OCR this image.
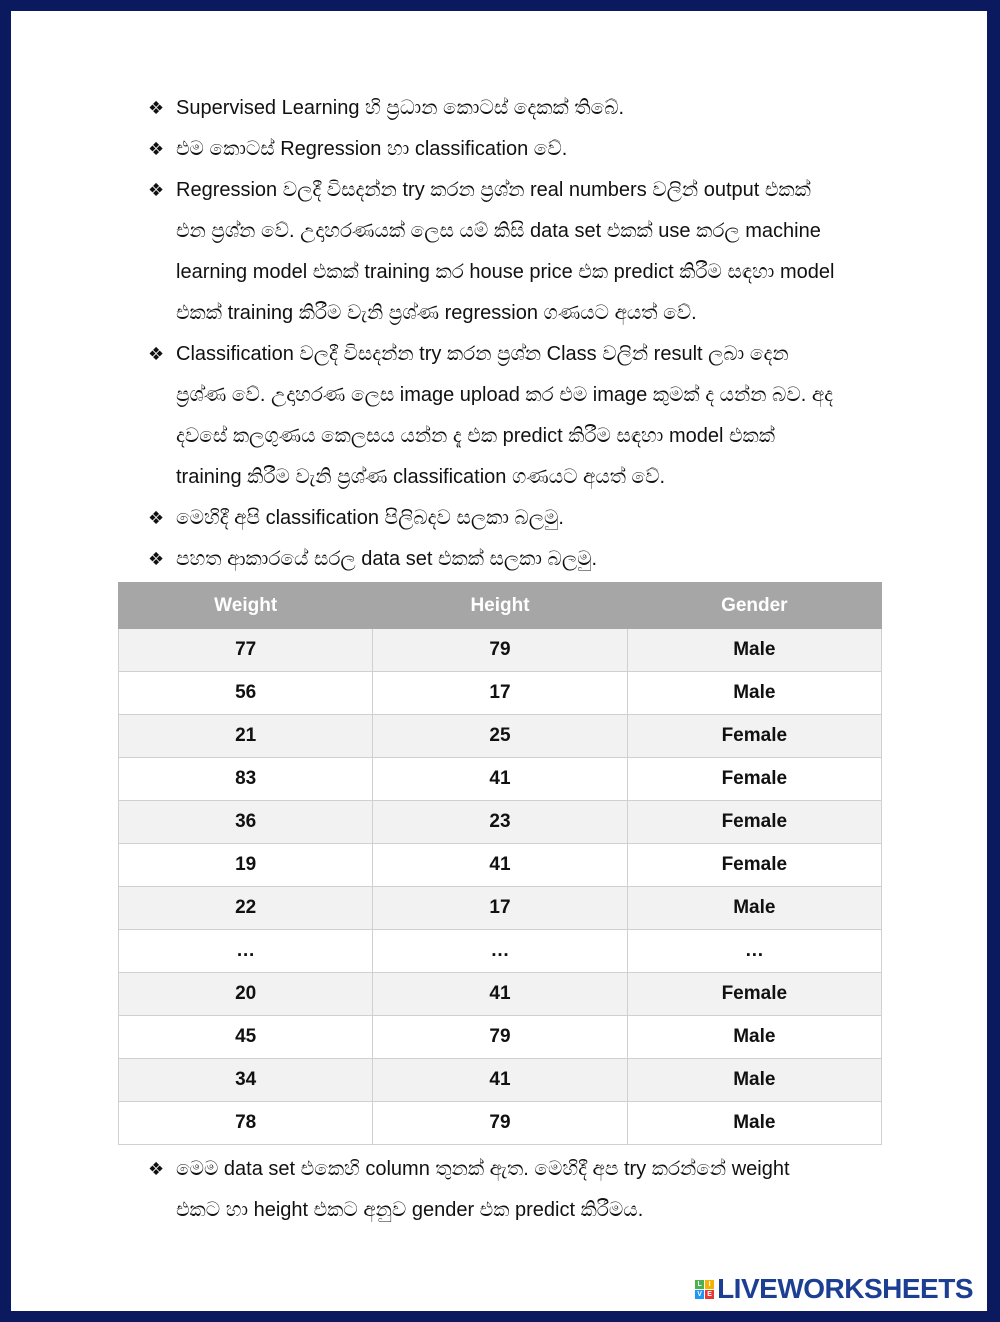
❖ Supervised Learning හි ප්‍රධාන කොටස් දෙකක් තිබේ.
❖ එම කොටස් Regression හා classification වේ.
❖ Regression වලදී විසදන්න try කරන ප්‍රශ්න real numbers වලින් output එකක්
එන ප්‍රශ්න වේ. උදාහරණයක් ලෙස යම් කිසි data set එකක් use කරල machine
learning model එකක් training කර house price එක predict කිරීම සඳහා model
එකක් training කිරීම වැනි ප්‍රශ්ණ regression ගණයට අයත් වේ.
❖ Classification වලදී විසදන්න try කරන ප්‍රශ්න Class වලින් result ලබා දෙන
ප්‍රශ්ණ වේ. උදාහරණ ලෙස image upload කර එම image කුමක් ද යන්න බව. අද
දවසේ කලගුණය කෙලසය යන්න දැ එක predict කිරීම සඳහා model එකක්
training කිරීම වැනි ප්‍රශ්ණ classification ගණයට අයත් වේ.
❖ මෙහිදී අපි classification පිලිබදව සලකා බලමු.
❖ පහත ආකාරයේ සරල data set එකක් සලකා බලමු.
Weight	Height	Gender
77	79	Male
56	17	Male
21	25	Female
83	41	Female
36	23	Female
19	41	Female
22	17	Male
…	…	…
20	41	Female
45	79	Male
34	41	Male
78	79	Male
❖ මෙම data set එකෙහි column තුනක් ඇත. මෙහිදී අප try කරන්නේ weight
එකට හා height එකට අනුව gender එක predict කිරීමය.
L I
V E LIVEWORKSHEETS
